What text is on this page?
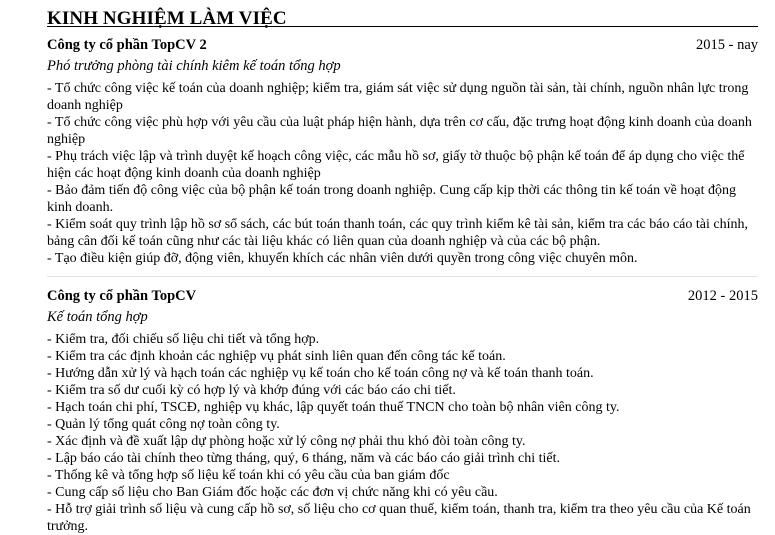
KINH NGHIỆM LÀM VIỆC
Công ty cổ phần TopCV 2	2015 - nay
Phó trưởng phòng tài chính kiêm kế toán tổng hợp
- Tổ chức công việc kế toán của doanh nghiệp; kiểm tra, giám sát việc sử dụng nguồn tài sản, tài chính, nguồn nhân lực trong doanh nghiệp
- Tổ chức công việc phù hợp với yêu cầu của luật pháp hiện hành, dựa trên cơ cấu, đặc trưng hoạt động kinh doanh của doanh nghiệp
- Phụ trách việc lập và trình duyệt kế hoạch công việc, các mẫu hồ sơ, giấy tờ thuộc bộ phận kế toán để áp dụng cho việc thể hiện các hoạt động kinh doanh của doanh nghiệp
- Bảo đảm tiến độ công việc của bộ phận kế toán trong doanh nghiệp. Cung cấp kịp thời các thông tin kế toán về hoạt động kinh doanh.
- Kiểm soát quy trình lập hồ sơ sổ sách, các bút toán thanh toán, các quy trình kiểm kê tài sản, kiểm tra các báo cáo tài chính, bảng cân đối kế toán cũng như các tài liệu khác có liên quan của doanh nghiệp và của các bộ phận.
- Tạo điều kiện giúp đỡ, động viên, khuyến khích các nhân viên dưới quyền trong công việc chuyên môn.
Công ty cổ phần TopCV	2012 - 2015
Kế toán tổng hợp
- Kiểm tra, đối chiếu số liệu chi tiết và tổng hợp.
- Kiểm tra các định khoản các nghiệp vụ phát sinh liên quan đến công tác kế toán.
- Hướng dẫn xử lý và hạch toán các nghiệp vụ kế toán cho kế toán công nợ và kế toán thanh toán.
- Kiểm tra số dư cuối kỳ có hợp lý và khớp đúng với các báo cáo chi tiết.
- Hạch toán chi phí, TSCĐ, nghiệp vụ khác, lập quyết toán thuế TNCN cho toàn bộ nhân viên công ty.
- Quản lý tổng quát công nợ toàn công ty.
- Xác định và đề xuất lập dự phòng hoặc xử lý công nợ phải thu khó đòi toàn công ty.
- Lập báo cáo tài chính theo từng tháng, quý, 6 tháng, năm và các báo cáo giải trình chi tiết.
- Thống kê và tổng hợp số liệu kế toán khi có yêu cầu của ban giám đốc
- Cung cấp số liệu cho Ban Giám đốc hoặc các đơn vị chức năng khi có yêu cầu.
- Hỗ trợ giải trình số liệu và cung cấp hồ sơ, số liệu cho cơ quan thuế, kiểm toán, thanh tra, kiểm tra theo yêu cầu của Kế toán trưởng.
